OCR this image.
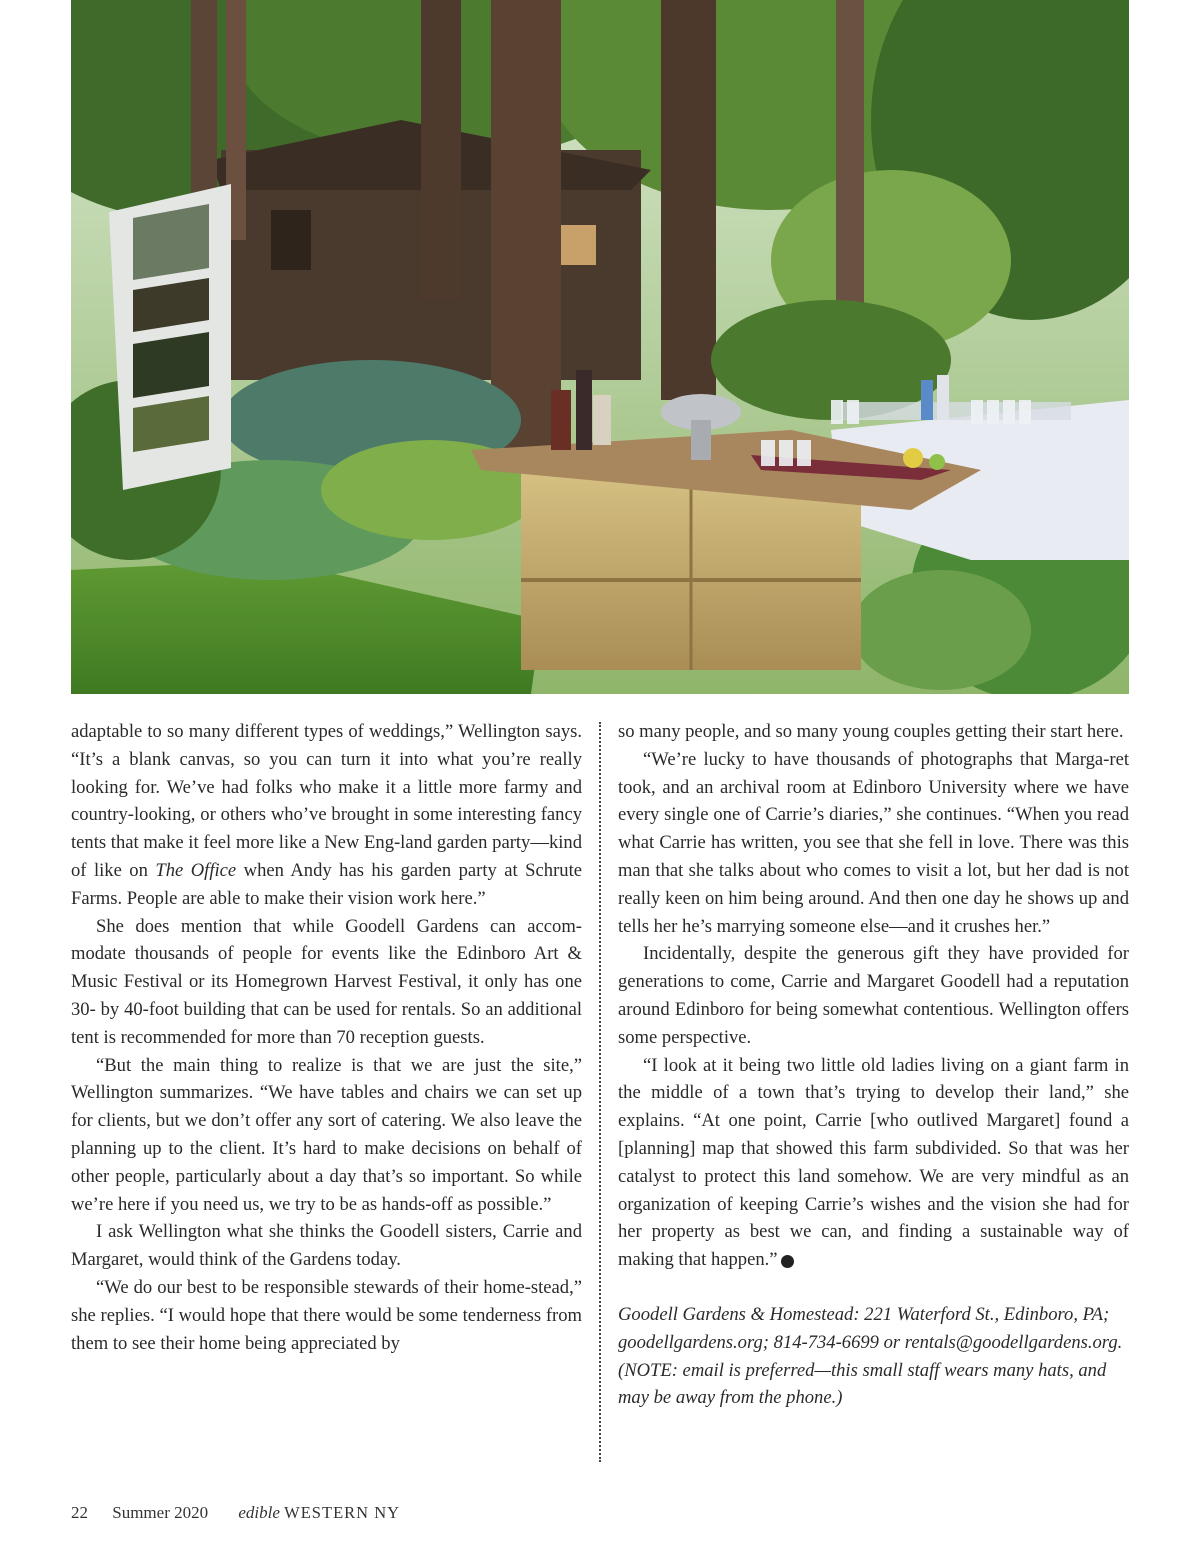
adaptable to so many different types of weddings,” Wellington says. “It’s a blank canvas, so you can turn it into what you’re really looking for. We’ve had folks who make it a little more farmy and country-looking, or others who’ve brought in some interesting fancy tents that make it feel more like a New Eng-land garden party—kind of like on The Office when Andy has his garden party at Schrute Farms. People are able to make their vision work here.”

She does mention that while Goodell Gardens can accom-modate thousands of people for events like the Edinboro Art & Music Festival or its Homegrown Harvest Festival, it only has one 30- by 40-foot building that can be used for rentals. So an additional tent is recommended for more than 70 reception guests.

“But the main thing to realize is that we are just the site,” Wellington summarizes. “We have tables and chairs we can set up for clients, but we don’t offer any sort of catering. We also leave the planning up to the client. It’s hard to make decisions on behalf of other people, particularly about a day that’s so important. So while we’re here if you need us, we try to be as hands-off as possible.”

I ask Wellington what she thinks the Goodell sisters, Carrie and Margaret, would think of the Gardens today.

“We do our best to be responsible stewards of their home-stead,” she replies. “I would hope that there would be some tenderness from them to see their home being appreciated by

so many people, and so many young couples getting their start here.

“We’re lucky to have thousands of photographs that Marga-ret took, and an archival room at Edinboro University where we have every single one of Carrie’s diaries,” she continues. “When you read what Carrie has written, you see that she fell in love. There was this man that she talks about who comes to visit a lot, but her dad is not really keen on him being around. And then one day he shows up and tells her he’s marrying someone else—and it crushes her.”

Incidentally, despite the generous gift they have provided for generations to come, Carrie and Margaret Goodell had a reputation around Edinboro for being somewhat contentious. Wellington offers some perspective.

“I look at it being two little old ladies living on a giant farm in the middle of a town that’s trying to develop their land,” she explains. “At one point, Carrie [who outlived Margaret] found a [planning] map that showed this farm subdivided. So that was her catalyst to protect this land somehow. We are very mindful as an organization of keeping Carrie’s wishes and the vision she had for her property as best we can, and finding a sustainable way of making that happen.”	e

Goodell Gardens & Homestead: 221 Waterford St., Edinboro, PA; goodellgardens.org; 814-734-6699 or rentals@goodellgardens.org. (NOTE: email is preferred—this small staff wears many hats, and may be away from the phone.)

22 Summer 2020 edible WESTERN NY
